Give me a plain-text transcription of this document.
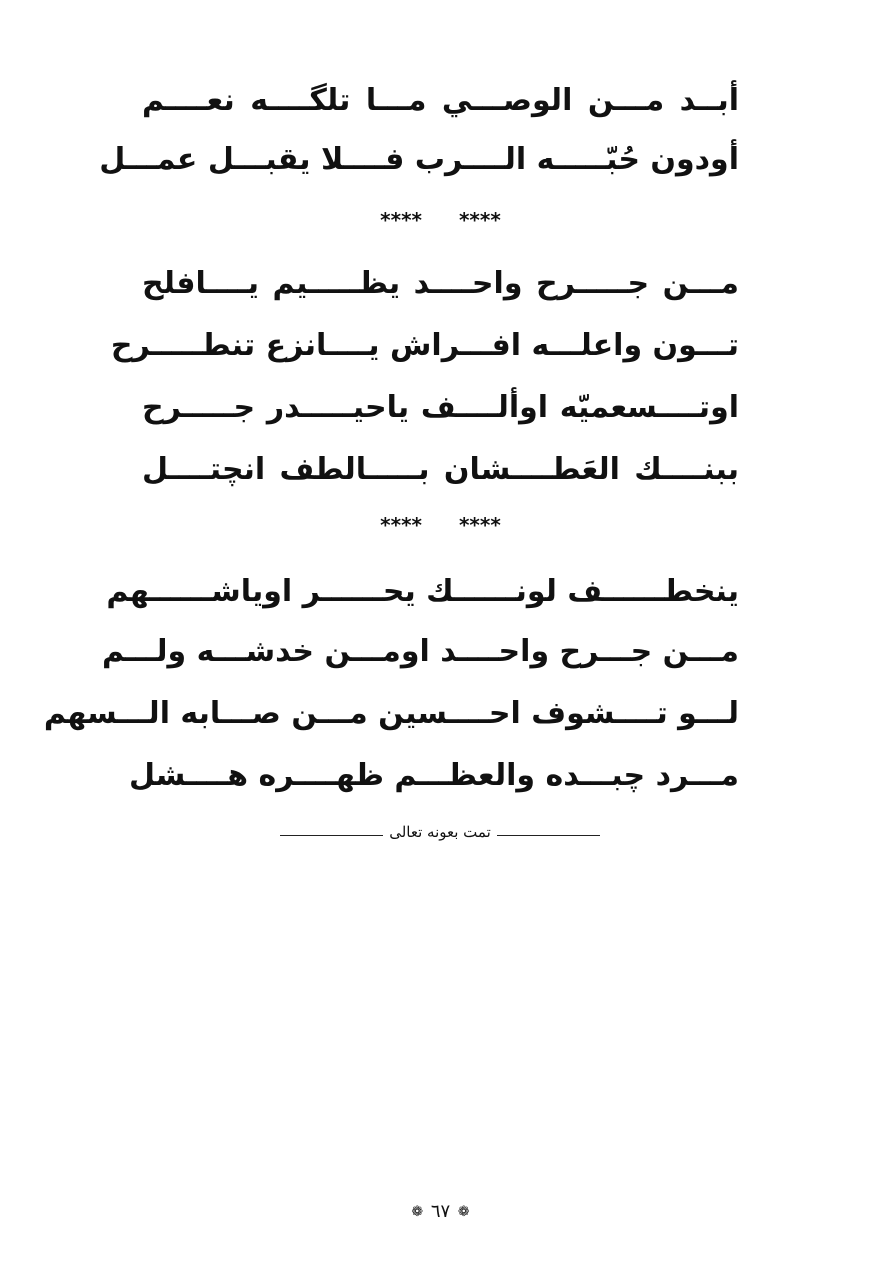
أبــد مـــن الوصـــي مـــا تلگــــه نعــــم
أودون حُبّـــــه الــــرب فــــلا يقبـــل عمـــل
**** ****
مـــن جـــــرح واحــــد يظـــــيم يــــافلح
تـــون واعلـــه افـــراش يــــانزع تنطـــــرح
اوتــــسعميّه اوألــــف ياحيـــــدر جـــــرح
ببنــــك العَطــــشان بـــــالطف انچتــــل
**** ****
ينخطــــــف لونــــــك يحــــــر اوياشــــــهم
مـــن جـــرح واحــــد اومـــن خدشـــه ولـــم
لـــو تــــشوف احــــسين مـــن صـــابه الـــسهم
مـــرد چبـــده والعظـــم ظهــــره هــــشل
تمت بعونه تعالى
❁ ٦٧ ❁
